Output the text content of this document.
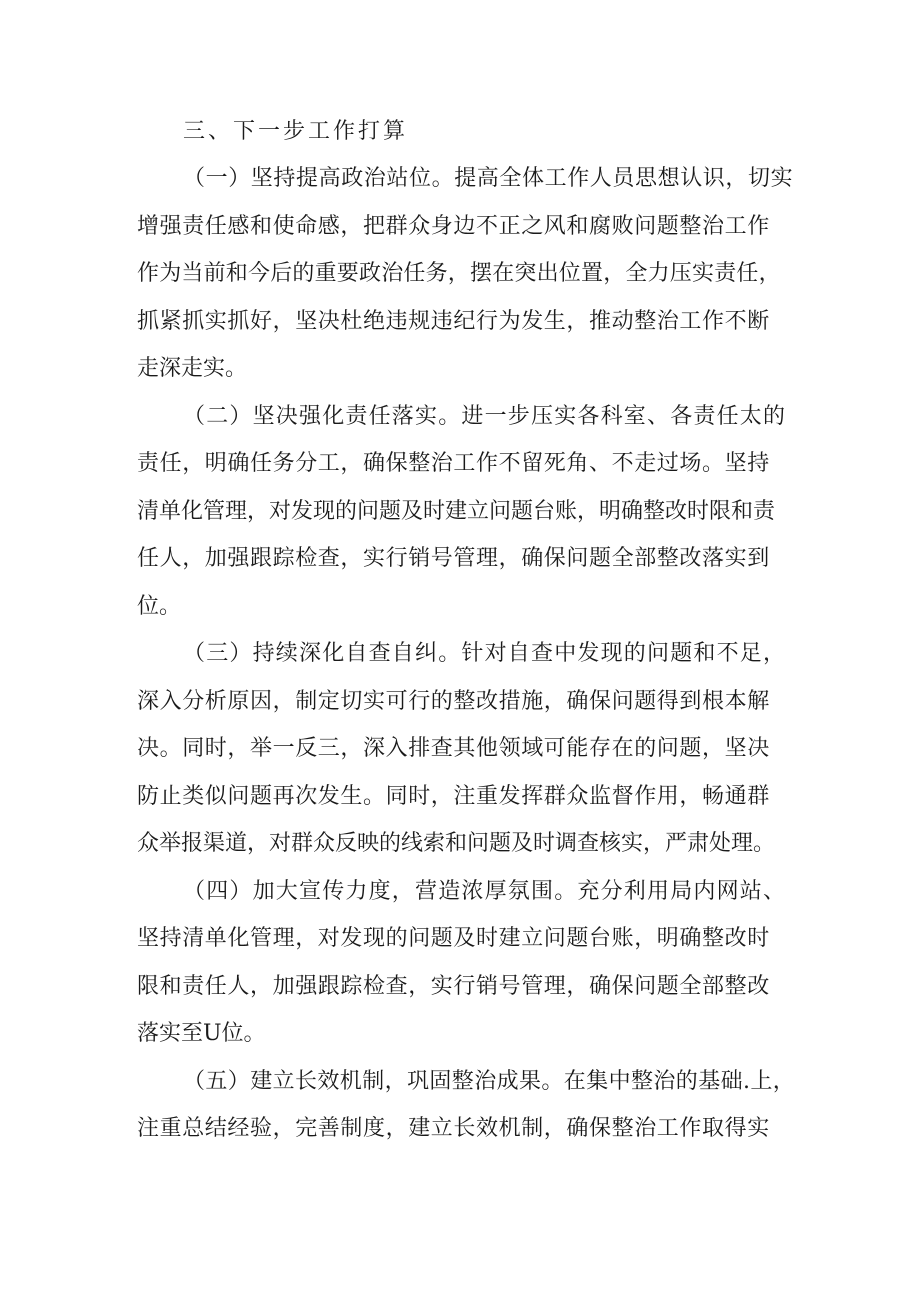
三、下一步工作打算
（一）坚持提高政治站位。提高全体工作人员思想认识，切实
增强责任感和使命感，把群众身边不正之风和腐败问题整治工作
作为当前和今后的重要政治任务，摆在突出位置，全力压实责任，
抓紧抓实抓好，坚决杜绝违规违纪行为发生，推动整治工作不断
走深走实。
（二）坚决强化责任落实。进一步压实各科室、各责任太的
责任，明确任务分工，确保整治工作不留死角、不走过场。坚持
清单化管理，对发现的问题及时建立问题台账，明确整改时限和责
任人，加强跟踪检查，实行销号管理，确保问题全部整改落实到
位。
（三）持续深化自查自纠。针对自查中发现的问题和不足，
深入分析原因，制定切实可行的整改措施，确保问题得到根本解
决。同时，举一反三，深入排查其他领域可能存在的问题，坚决
防止类似问题再次发生。同时，注重发挥群众监督作用，畅通群
众举报渠道，对群众反映的线索和问题及时调查核实，严肃处理。
（四）加大宣传力度，营造浓厚氛围。充分利用局内网站、
坚持清单化管理，对发现的问题及时建立问题台账，明确整改时
限和责任人，加强跟踪检查，实行销号管理，确保问题全部整改
落实至U位。
（五）建立长效机制，巩固整治成果。在集中整治的基础.上，
注重总结经验，完善制度，建立长效机制，确保整治工作取得实
